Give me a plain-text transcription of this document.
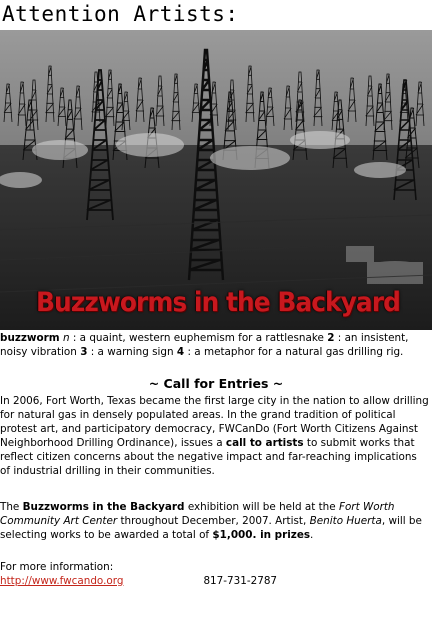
Attention Artists:
Buzzworms in the Backyard
buzzworm n : a quaint, western euphemism for a rattlesnake 2 : an insistent, noisy vibration 3 : a warning sign 4 : a metaphor for a natural gas drilling rig.
~ Call for Entries ~
In 2006, Fort Worth, Texas became the first large city in the nation to allow drilling for natural gas in densely populated areas. In the grand tradition of political protest art, and participatory democracy, FWCanDo (Fort Worth Citizens Against Neighborhood Drilling Ordinance), issues a call to artists to submit works that reflect citizen concerns about the negative impact and far-reaching implications of industrial drilling in their communities.
The Buzzworms in the Backyard exhibition will be held at the Fort Worth Community Art Center throughout December, 2007. Artist, Benito Huerta, will be selecting works to be awarded a total of $1,000. in prizes.
For more information:
http://www.fwcando.org	817-731-2787
